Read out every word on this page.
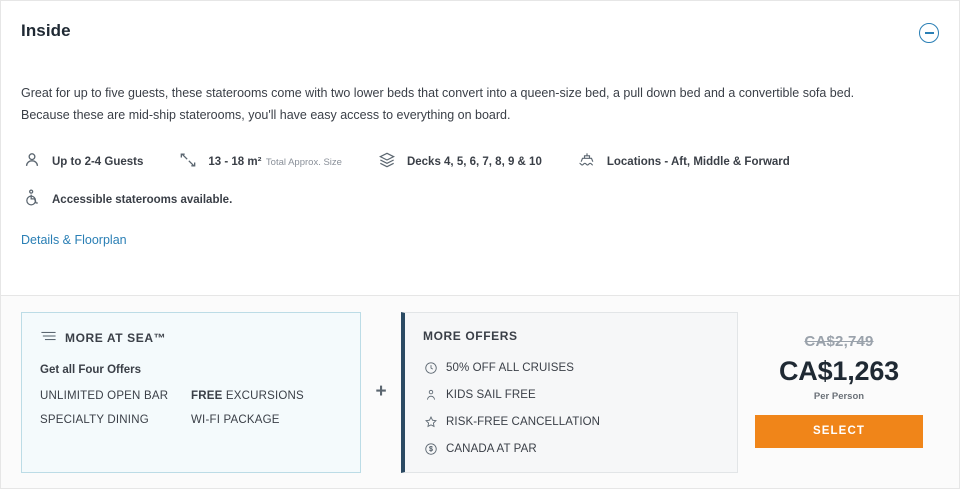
Inside

Great for up to five guests, these staterooms come with two lower beds that convert into a queen-size bed, a pull down bed and a convertible sofa bed.

Because these are mid-ship staterooms, you'll have easy access to everything on board.

Up to 2-4 Guests	13 - 18 m² Total Approx. Size	Decks 4, 5, 6, 7, 8, 9 & 10	Locations - Aft, Middle & Forward
Accessible staterooms available.
Details & Floorplan
MORE AT SEA™
Get all Four Offers
UNLIMITED OPEN BAR	FREE EXCURSIONS
SPECIALTY DINING	WI-FI PACKAGE
+
MORE OFFERS
50% OFF ALL CRUISES
KIDS SAIL FREE
RISK-FREE CANCELLATION
CANADA AT PAR
CA$2,749
CA$1,263
Per Person
SELECT
